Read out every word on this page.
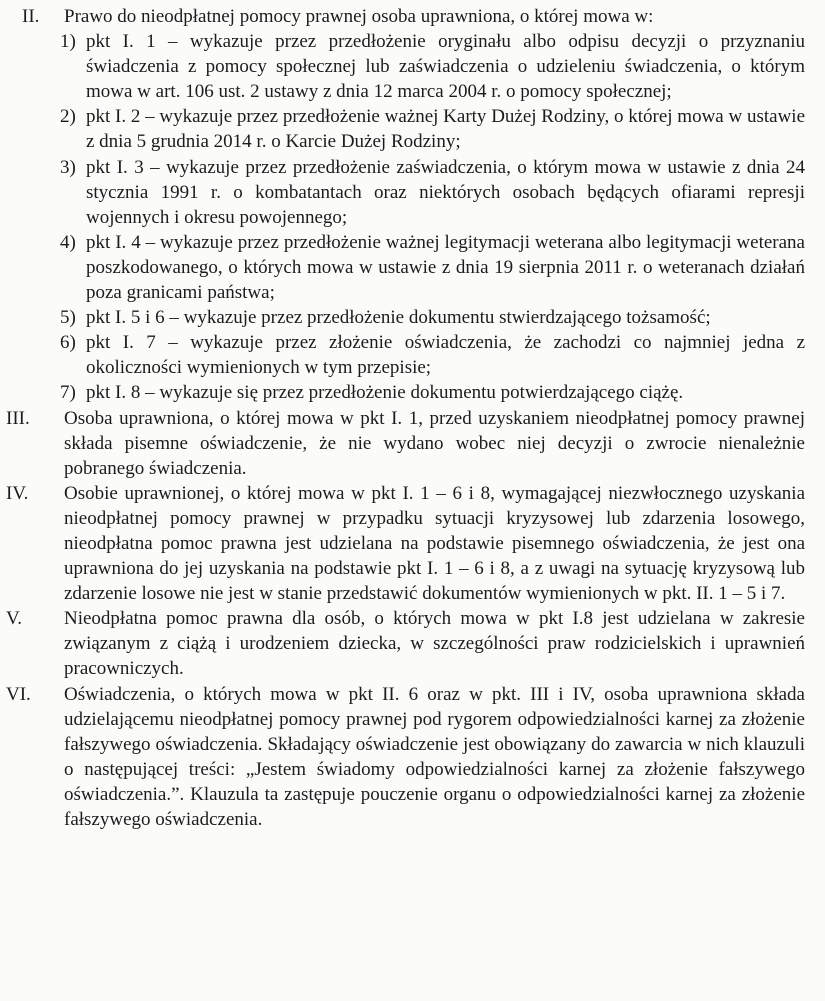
II. Prawo do nieodpłatnej pomocy prawnej osoba uprawniona, o której mowa w:

1) pkt I. 1 – wykazuje przez przedłożenie oryginału albo odpisu decyzji o przyznaniu świadczenia z pomocy społecznej lub zaświadczenia o udzieleniu świadczenia, o którym mowa w art. 106 ust. 2 ustawy z dnia 12 marca 2004 r. o pomocy społecznej;

2) pkt I. 2 – wykazuje przez przedłożenie ważnej Karty Dużej Rodziny, o której mowa w ustawie z dnia 5 grudnia 2014 r. o Karcie Dużej Rodziny;

3) pkt I. 3 – wykazuje przez przedłożenie zaświadczenia, o którym mowa w ustawie z dnia 24 stycznia 1991 r. o kombatantach oraz niektórych osobach będących ofiarami represji wojennych i okresu powojennego;

4) pkt I. 4 – wykazuje przez przedłożenie ważnej legitymacji weterana albo legitymacji weterana poszkodowanego, o których mowa w ustawie z dnia 19 sierpnia 2011 r. o weteranach działań poza granicami państwa;

5) pkt I. 5 i 6 – wykazuje przez przedłożenie dokumentu stwierdzającego tożsamość;

6) pkt I. 7 – wykazuje przez złożenie oświadczenia, że zachodzi co najmniej jedna z okoliczności wymienionych w tym przepisie;

7) pkt I. 8 – wykazuje się przez przedłożenie dokumentu potwierdzającego ciążę.

III. Osoba uprawniona, o której mowa w pkt I. 1, przed uzyskaniem nieodpłatnej pomocy prawnej składa pisemne oświadczenie, że nie wydano wobec niej decyzji o zwrocie nienależnie pobranego świadczenia.

IV. Osobie uprawnionej, o której mowa w pkt I. 1 – 6 i 8, wymagającej niezwłocznego uzyskania nieodpłatnej pomocy prawnej w przypadku sytuacji kryzysowej lub zdarzenia losowego, nieodpłatna pomoc prawna jest udzielana na podstawie pisemnego oświadczenia, że jest ona uprawniona do jej uzyskania na podstawie pkt I. 1 – 6 i 8, a z uwagi na sytuację kryzysową lub zdarzenie losowe nie jest w stanie przedstawić dokumentów wymienionych w pkt. II. 1 – 5 i 7.

V. Nieodpłatna pomoc prawna dla osób, o których mowa w pkt I.8 jest udzielana w zakresie związanym z ciążą i urodzeniem dziecka, w szczególności praw rodzicielskich i uprawnień pracowniczych.

VI. Oświadczenia, o których mowa w pkt II. 6 oraz w pkt. III i IV, osoba uprawniona składa udzielającemu nieodpłatnej pomocy prawnej pod rygorem odpowiedzialności karnej za złożenie fałszywego oświadczenia. Składający oświadczenie jest obowiązany do zawarcia w nich klauzuli o następującej treści: „Jestem świadomy odpowiedzialności karnej za złożenie fałszywego oświadczenia.”. Klauzula ta zastępuje pouczenie organu o odpowiedzialności karnej za złożenie fałszywego oświadczenia.
